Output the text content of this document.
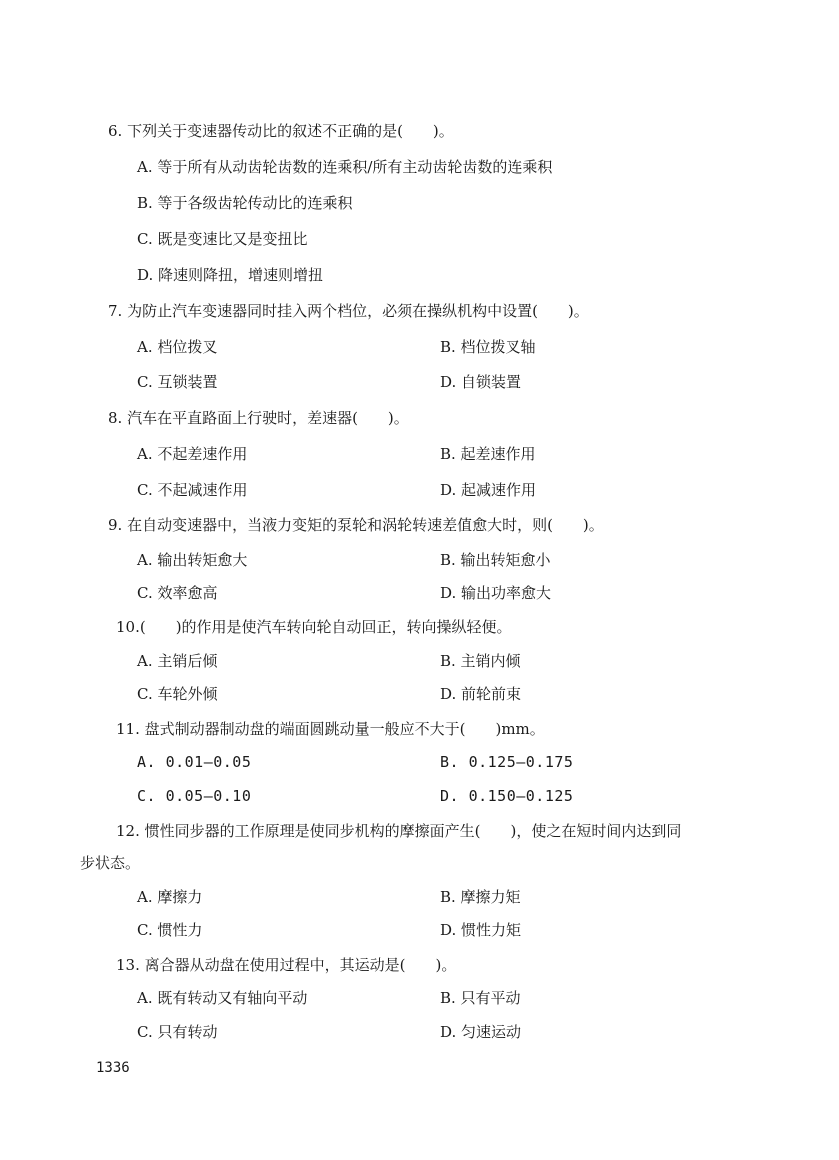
6. 下列关于变速器传动比的叙述不正确的是(　　)。
A. 等于所有从动齿轮齿数的连乘积/所有主动齿轮齿数的连乘积
B. 等于各级齿轮传动比的连乘积
C. 既是变速比又是变扭比
D. 降速则降扭，增速则增扭
7. 为防止汽车变速器同时挂入两个档位，必须在操纵机构中设置(　　)。
A. 档位拨叉	B. 档位拨叉轴
C. 互锁装置	D. 自锁装置
8. 汽车在平直路面上行驶时，差速器(　　)。
A. 不起差速作用	B. 起差速作用
C. 不起减速作用	D. 起减速作用
9. 在自动变速器中，当液力变矩的泵轮和涡轮转速差值愈大时，则(　　)。
A. 输出转矩愈大	B. 输出转矩愈小
C. 效率愈高	D. 输出功率愈大
10.(　　)的作用是使汽车转向轮自动回正，转向操纵轻便。
A. 主销后倾	B. 主销内倾
C. 车轮外倾	D. 前轮前束
11. 盘式制动器制动盘的端面圆跳动量一般应不大于(　　)mm。
A. 0.01—0.05	B. 0.125—0.175
C. 0.05—0.10	D. 0.150—0.125
12. 惯性同步器的工作原理是使同步机构的摩擦面产生(　　)，使之在短时间内达到同
步状态。
A. 摩擦力	B. 摩擦力矩
C. 惯性力	D. 惯性力矩
13. 离合器从动盘在使用过程中，其运动是(　　)。
A. 既有转动又有轴向平动	B. 只有平动
C. 只有转动	D. 匀速运动
1336
